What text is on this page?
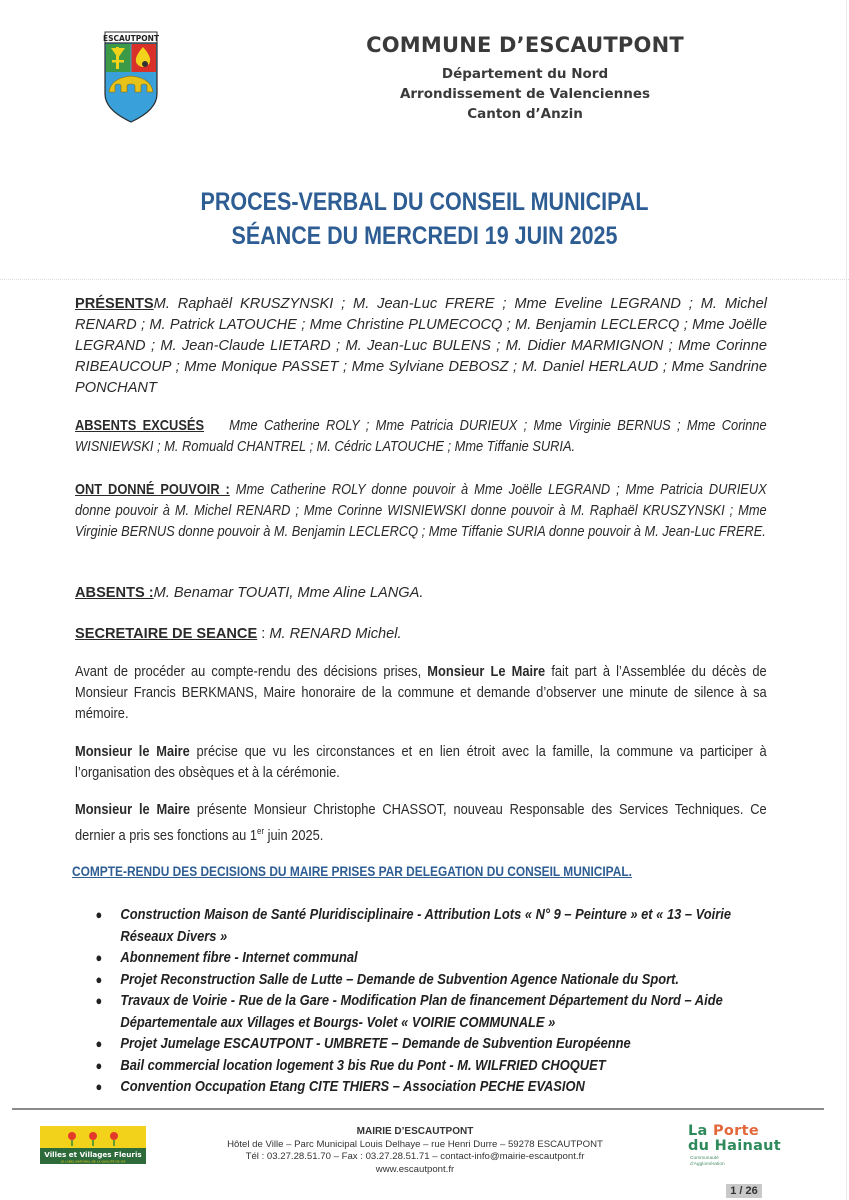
ESCAUTPONT	COMMUNE D’ESCAUTPONT
Département du Nord
Arrondissement de Valenciennes
Canton d’Anzin
PROCES-VERBAL DU CONSEIL MUNICIPAL
SÉANCE DU MERCREDI 19 JUIN 2025
PRÉSENTSM. Raphaël KRUSZYNSKI ; M. Jean-Luc FRERE ; Mme Eveline LEGRAND ; M. Michel RENARD ; M. Patrick LATOUCHE ; Mme Christine PLUMECOCQ ; M. Benjamin LECLERCQ ; Mme Joëlle LEGRAND ; M. Jean-Claude LIETARD ; M. Jean-Luc BULENS ; M. Didier MARMIGNON ; Mme Corinne RIBEAUCOUP ; Mme Monique PASSET ; Mme Sylviane DEBOSZ ; M. Daniel HERLAUD ; Mme Sandrine PONCHANT
ABSENTS EXCUSÉS Mme Catherine ROLY ; Mme Patricia DURIEUX ; Mme Virginie BERNUS ; Mme Corinne WISNIEWSKI ; M. Romuald CHANTREL ; M. Cédric LATOUCHE ; Mme Tiffanie SURIA.
ONT DONNÉ POUVOIR : Mme Catherine ROLY donne pouvoir à Mme Joëlle LEGRAND ; Mme Patricia DURIEUX donne pouvoir à M. Michel RENARD ; Mme Corinne WISNIEWSKI donne pouvoir à M. Raphaël KRUSZYNSKI ; Mme Virginie BERNUS donne pouvoir à M. Benjamin LECLERCQ ; Mme Tiffanie SURIA donne pouvoir à M. Jean-Luc FRERE.
ABSENTS :M. Benamar TOUATI, Mme Aline LANGA.
SECRETAIRE DE SEANCE : M. RENARD Michel.
Avant de procéder au compte-rendu des décisions prises, Monsieur Le Maire fait part à l’Assemblée du décès de Monsieur Francis BERKMANS, Maire honoraire de la commune et demande d’observer une minute de silence à sa mémoire.
Monsieur le Maire précise que vu les circonstances et en lien étroit avec la famille, la commune va participer à l’organisation des obsèques et à la cérémonie.
Monsieur le Maire présente Monsieur Christophe CHASSOT, nouveau Responsable des Services Techniques. Ce dernier a pris ses fonctions au 1er juin 2025.
COMPTE-RENDU DES DECISIONS DU MAIRE PRISES PAR DELEGATION DU CONSEIL MUNICIPAL.
● Construction Maison de Santé Pluridisciplinaire - Attribution Lots « N° 9 – Peinture » et « 13 – Voirie Réseaux Divers »
● Abonnement fibre - Internet communal
● Projet Reconstruction Salle de Lutte – Demande de Subvention Agence Nationale du Sport.
● Travaux de Voirie - Rue de la Gare - Modification Plan de financement Département du Nord – Aide Départementale aux Villages et Bourgs- Volet « VOIRIE COMMUNALE »
● Projet Jumelage ESCAUTPONT - UMBRETE – Demande de Subvention Européenne
● Bail commercial location logement 3 bis Rue du Pont - M. WILFRIED CHOQUET
● Convention Occupation Etang CITE THIERS – Association PECHE EVASION
Villes et Villages Fleuris
LE LABEL NATIONAL DE LA QUALITÉ DE VIE
MAIRIE D’ESCAUTPONT
Hôtel de Ville – Parc Municipal Louis Delhaye – rue Henri Durre – 59278 ESCAUTPONT
Tél : 03.27.28.51.70 – Fax : 03.27.28.51.71 – contact-info@mairie-escautpont.fr
www.escautpont.fr
La Porte
du Hainaut
Communauté
d’Agglomération
1 / 26
